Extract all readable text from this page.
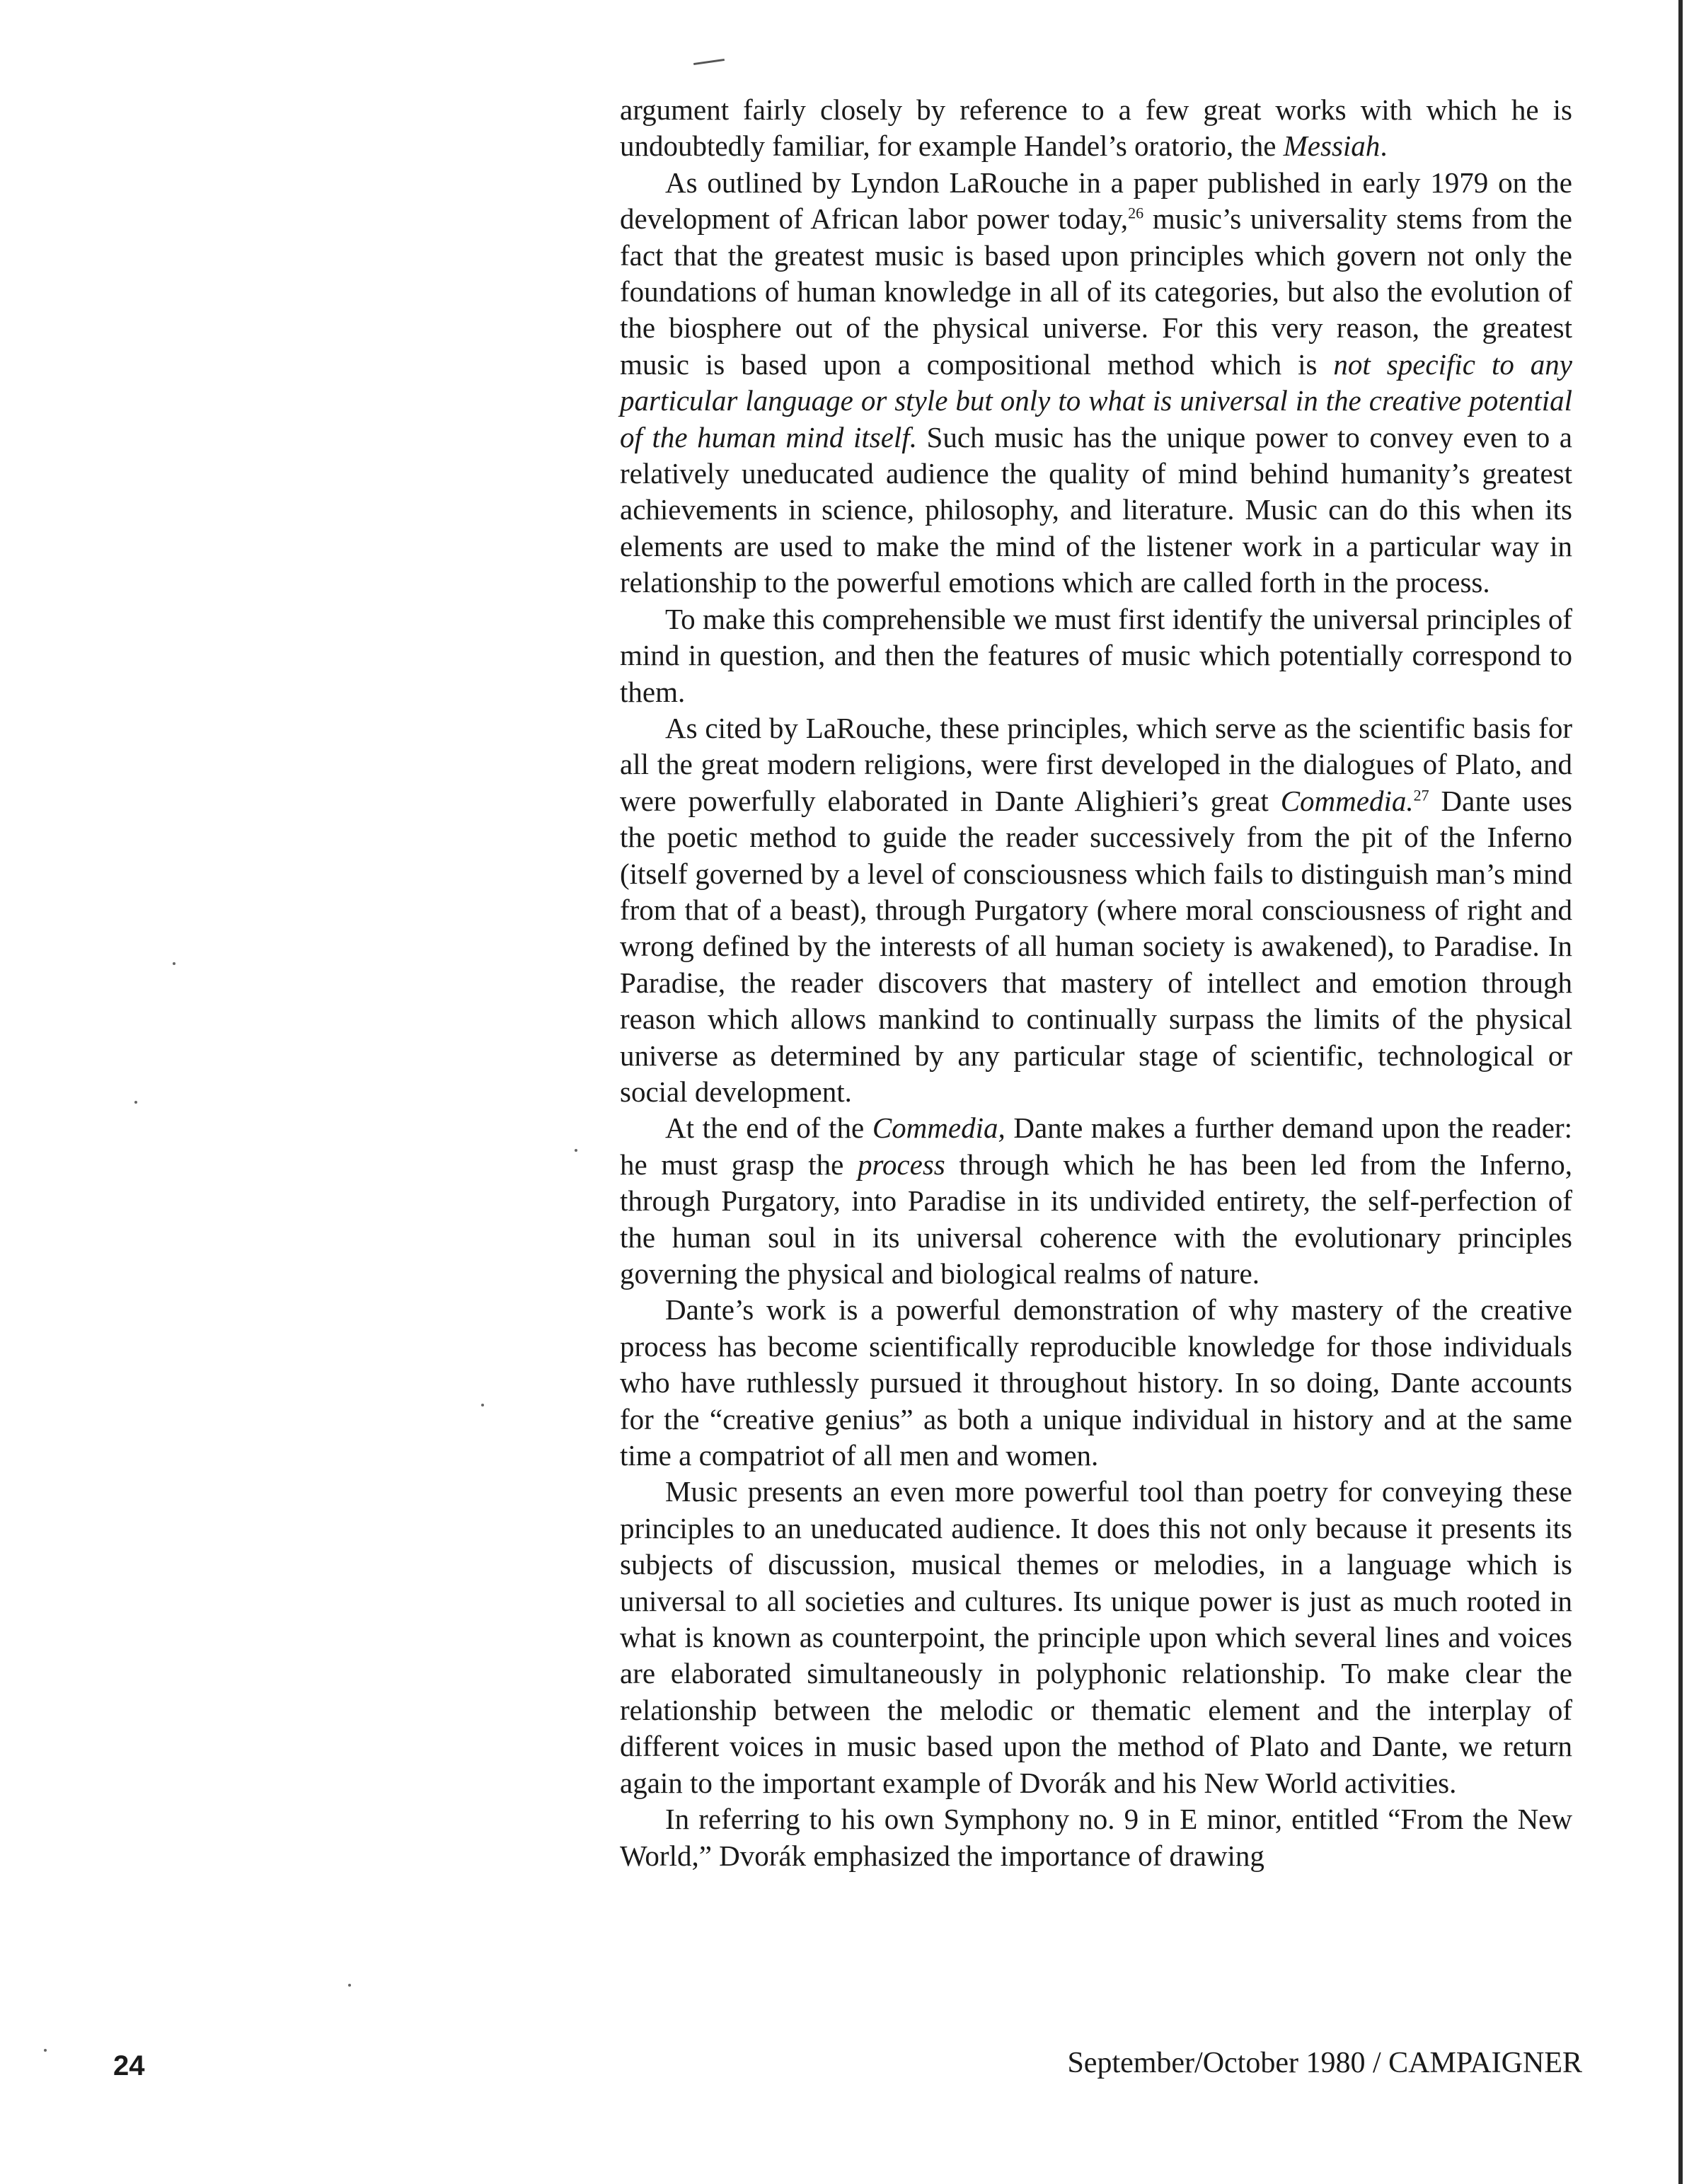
argument fairly closely by reference to a few great works with which he is undoubtedly familiar, for example Handel’s oratorio, the Messiah.

As outlined by Lyndon LaRouche in a paper published in early 1979 on the development of African labor power today,$^{26}$ music’s universality stems from the fact that the greatest music is based upon principles which govern not only the foundations of human knowledge in all of its categories, but also the evolution of the biosphere out of the physical universe. For this very reason, the greatest music is based upon a compositional method which is not specific to any particular language or style but only to what is universal in the creative potential of the human mind itself. Such music has the unique power to convey even to a relatively uneducated audience the quality of mind behind humanity’s greatest achievements in science, philosophy, and literature. Music can do this when its elements are used to make the mind of the listener work in a particular way in relationship to the powerful emotions which are called forth in the process.

To make this comprehensible we must first identify the universal principles of mind in question, and then the features of music which potentially correspond to them.

As cited by LaRouche, these principles, which serve as the scientific basis for all the great modern religions, were first developed in the dialogues of Plato, and were powerfully elaborated in Dante Alighieri’s great Commedia.$^{27}$ Dante uses the poetic method to guide the reader successively from the pit of the Inferno (itself governed by a level of consciousness which fails to distinguish man’s mind from that of a beast), through Purgatory (where moral consciousness of right and wrong defined by the interests of all human society is awakened), to Paradise. In Paradise, the reader discovers that mastery of intellect and emotion through reason which allows mankind to continually surpass the limits of the physical universe as determined by any particular stage of scientific, technological or social development.

At the end of the Commedia, Dante makes a further demand upon the reader: he must grasp the process through which he has been led from the Inferno, through Purgatory, into Paradise in its undivided entirety, the self-perfection of the human soul in its universal coherence with the evolutionary principles governing the physical and biological realms of nature.

Dante’s work is a powerful demonstration of why mastery of the creative process has become scientifically reproducible knowledge for those individuals who have ruthlessly pursued it throughout history. In so doing, Dante accounts for the “creative genius” as both a unique individual in history and at the same time a compatriot of all men and women.

Music presents an even more powerful tool than poetry for conveying these principles to an uneducated audience. It does this not only because it presents its subjects of discussion, musical themes or melodies, in a language which is universal to all societies and cultures. Its unique power is just as much rooted in what is known as counterpoint, the principle upon which several lines and voices are elaborated simultaneously in polyphonic relationship. To make clear the relationship between the melodic or thematic element and the interplay of different voices in music based upon the method of Plato and Dante, we return again to the important example of Dvorák and his New World activities.

In referring to his own Symphony no. 9 in E minor, entitled “From the New World,” Dvorák emphasized the importance of drawing

24	September/October 1980 / CAMPAIGNER
